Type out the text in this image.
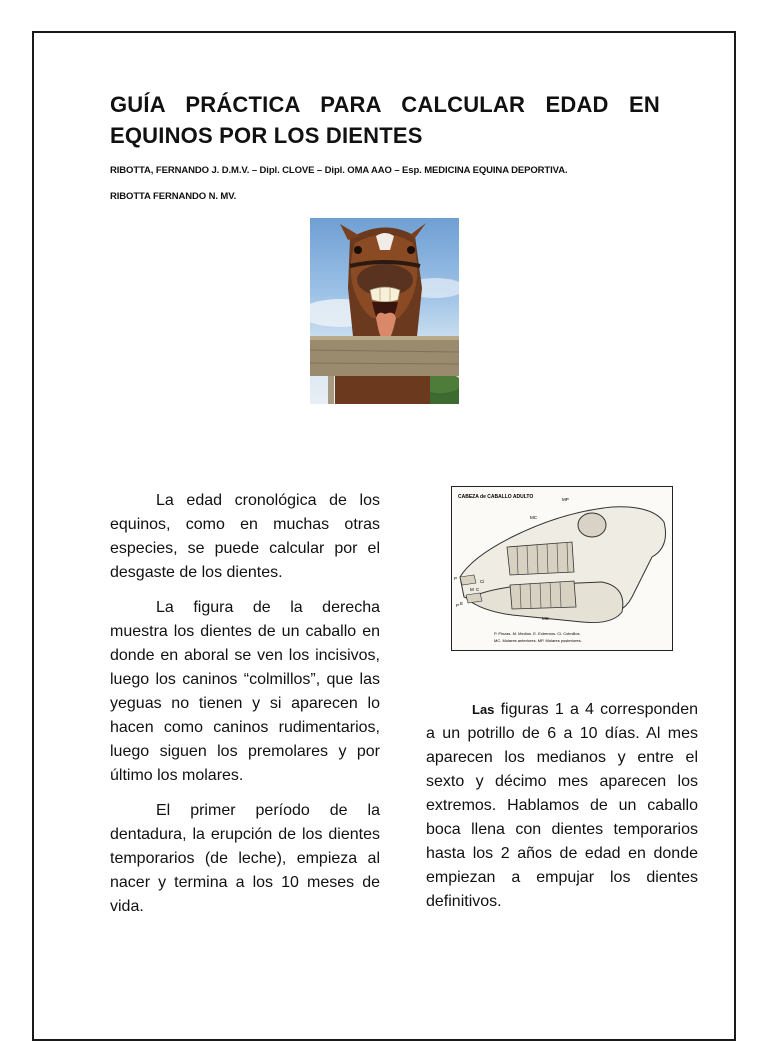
GUÍA PRÁCTICA PARA CALCULAR EDAD EN EQUINOS POR LOS DIENTES
RIBOTTA, FERNANDO J. D.M.V. – Dipl. CLOVE – Dipl. OMA AAO – Esp. MEDICINA EQUINA DEPORTIVA.
RIBOTTA FERNANDO N. MV.
CABEZA de CABALLO ADULTO	MP
MC
P
Ci
M C
E
MC
P
P. Pinzas. M. Medios. E. Extremos. Ci. Colmillos.
MC. Molares anteriores. MP. Molares posteriores.

La edad cronológica de los equinos, como en muchas otras especies, se puede calcular por el desgaste de los dientes.

La figura de la derecha muestra los dientes de un caballo en donde en aboral se ven los incisivos, luego los caninos “colmillos”, que las yeguas no tienen y si aparecen lo hacen como caninos rudimentarios, luego siguen los premolares y por último los molares.

El primer período de la dentadura, la erupción de los dientes temporarios (de leche), empieza al nacer y termina a los 10 meses de vida.

Las figuras 1 a 4 corresponden a un potrillo de 6 a 10 días. Al mes aparecen los medianos y entre el sexto y décimo mes aparecen los extremos. Hablamos de un caballo boca llena con dientes temporarios hasta los 2 años de edad en donde empiezan a empujar los dientes definitivos.
